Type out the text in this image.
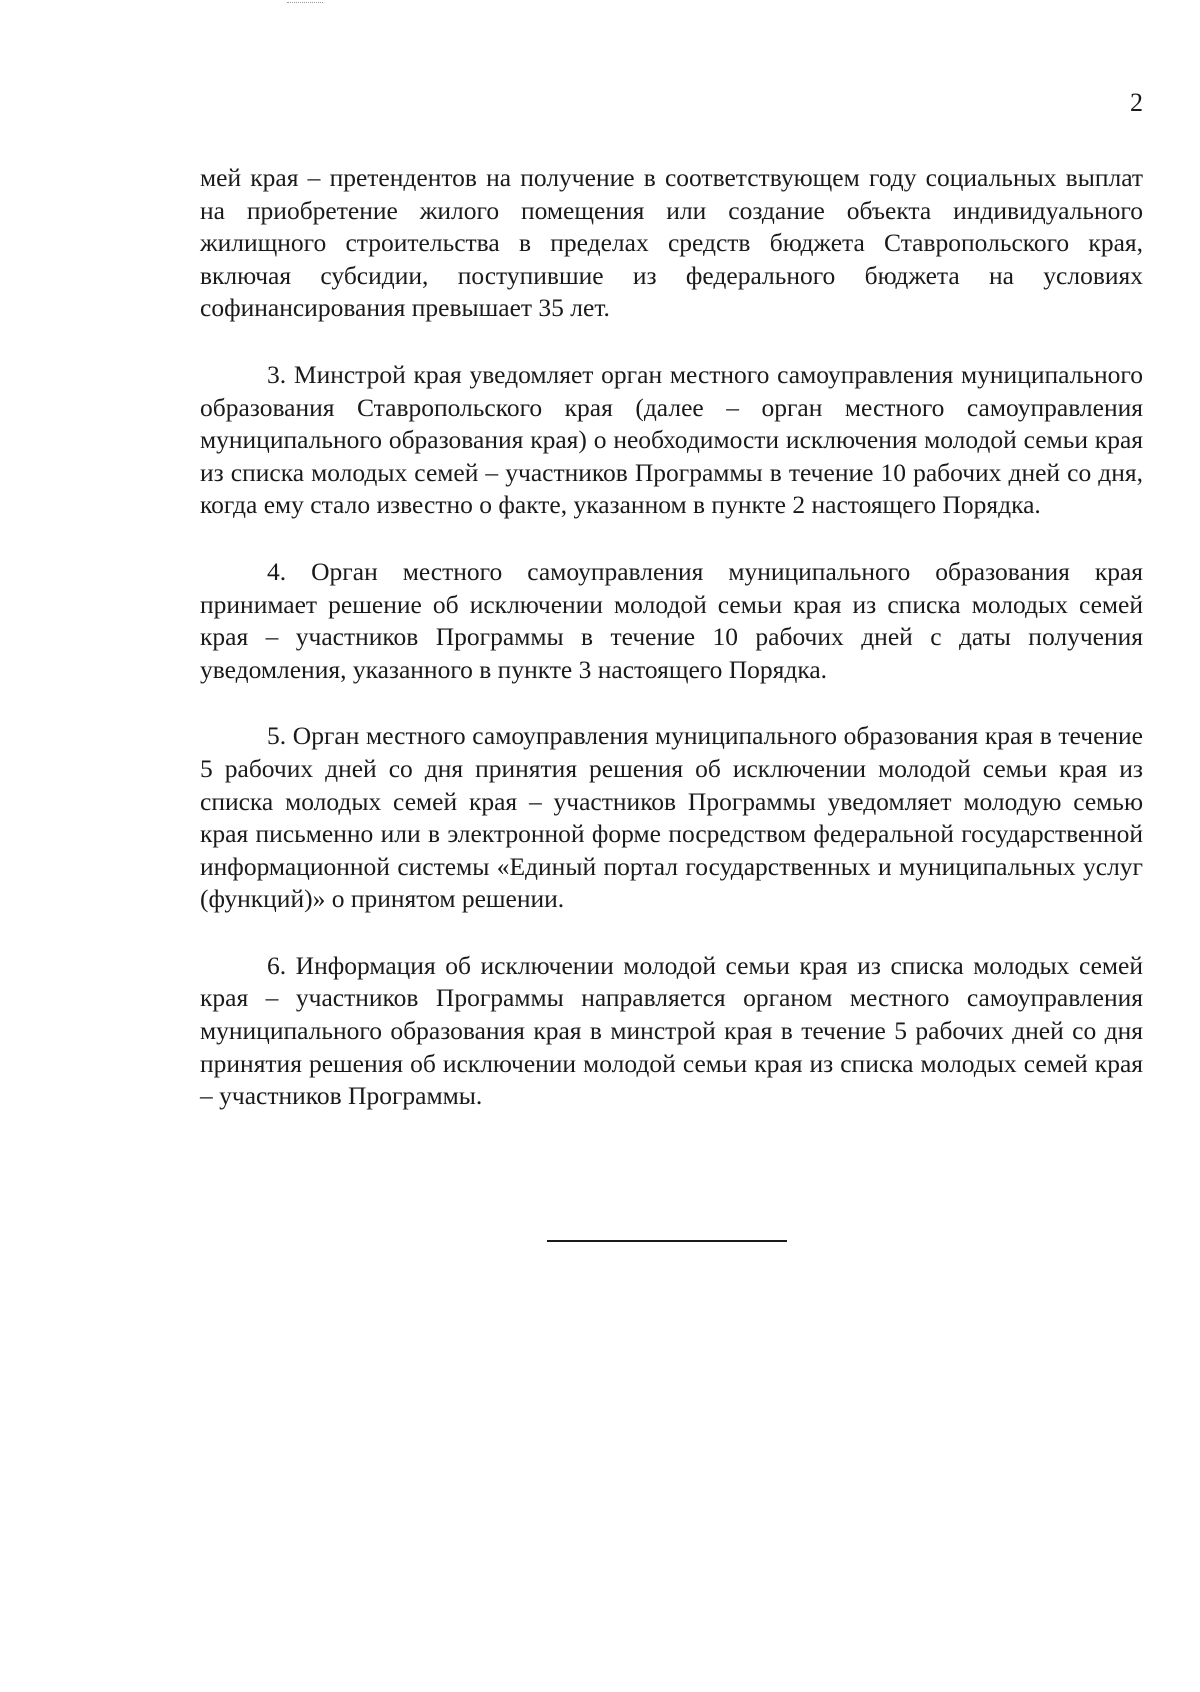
2

мей края – претендентов на получение в соответствующем году социальных выплат на приобретение жилого помещения или создание объекта индивидуального жилищного строительства в пределах средств бюджета Ставропольского края, включая субсидии, поступившие из федерального бюджета на условиях софинансирования превышает 35 лет.

3. Минстрой края уведомляет орган местного самоуправления муниципального образования Ставропольского края (далее – орган местного самоуправления муниципального образования края) о необходимости исключения молодой семьи края из списка молодых семей – участников Программы в течение 10 рабочих дней со дня, когда ему стало известно о факте, указанном в пункте 2 настоящего Порядка.

4. Орган местного самоуправления муниципального образования края принимает решение об исключении молодой семьи края из списка молодых семей края – участников Программы в течение 10 рабочих дней с даты получения уведомления, указанного в пункте 3 настоящего Порядка.

5. Орган местного самоуправления муниципального образования края в течение 5 рабочих дней со дня принятия решения об исключении молодой семьи края из списка молодых семей края – участников Программы уведомляет молодую семью края письменно или в электронной форме посредством федеральной государственной информационной системы «Единый портал государственных и муниципальных услуг (функций)» о принятом решении.

6. Информация об исключении молодой семьи края из списка молодых семей края – участников Программы направляется органом местного самоуправления муниципального образования края в минстрой края в течение 5 рабочих дней со дня принятия решения об исключении молодой семьи края из списка молодых семей края – участников Программы.
